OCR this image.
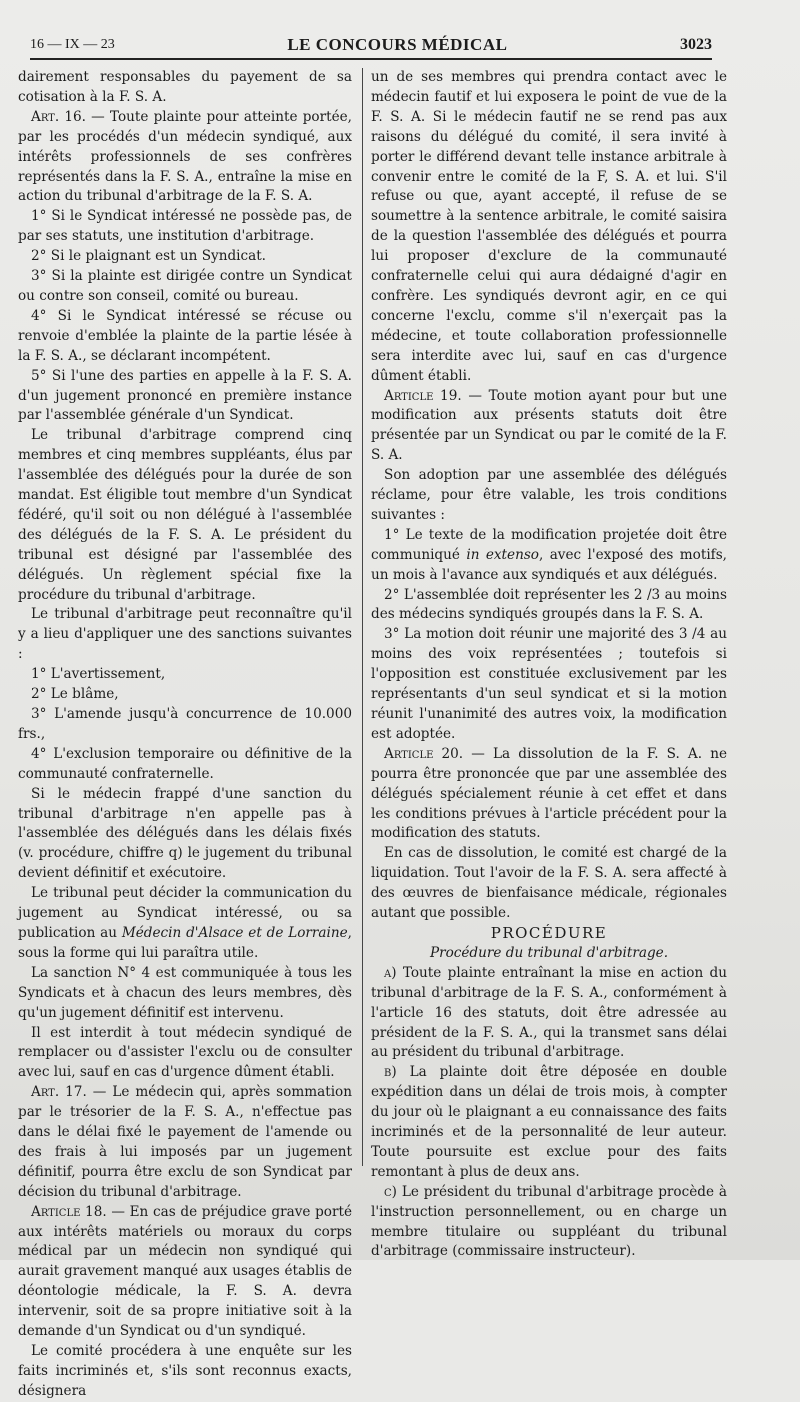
16 — IX — 23	LE CONCOURS MÉDICAL	3023

dairement responsables du payement de sa cotisation à la F. S. A.

Art. 16. — Toute plainte pour atteinte portée, par les procédés d'un médecin syndiqué, aux intérêts professionnels de ses confrères représentés dans la F. S. A., entraîne la mise en action du tribunal d'arbitrage de la F. S. A.

1° Si le Syndicat intéressé ne possède pas, de par ses statuts, une institution d'arbitrage.

2° Si le plaignant est un Syndicat.

3° Si la plainte est dirigée contre un Syndicat ou contre son conseil, comité ou bureau.

4° Si le Syndicat intéressé se récuse ou renvoie d'emblée la plainte de la partie lésée à la F. S. A., se déclarant incompétent.

5° Si l'une des parties en appelle à la F. S. A. d'un jugement prononcé en première instance par l'assemblée générale d'un Syndicat.

Le tribunal d'arbitrage comprend cinq membres et cinq membres suppléants, élus par l'assemblée des délégués pour la durée de son mandat. Est éligible tout membre d'un Syndicat fédéré, qu'il soit ou non délégué à l'assemblée des délégués de la F. S. A. Le président du tribunal est désigné par l'assemblée des délégués. Un règlement spécial fixe la procédure du tribunal d'arbitrage.

Le tribunal d'arbitrage peut reconnaître qu'il y a lieu d'appliquer une des sanctions suivantes :

1° L'avertissement,

2° Le blâme,

3° L'amende jusqu'à concurrence de 10.000 frs.,

4° L'exclusion temporaire ou définitive de la communauté confraternelle.

Si le médecin frappé d'une sanction du tribunal d'arbitrage n'en appelle pas à l'assemblée des délégués dans les délais fixés (v. procédure, chiffre q) le jugement du tribunal devient définitif et exécutoire.

Le tribunal peut décider la communication du jugement au Syndicat intéressé, ou sa publication au Médecin d'Alsace et de Lorraine, sous la forme qui lui paraîtra utile.

La sanction N° 4 est communiquée à tous les Syndicats et à chacun des leurs membres, dès qu'un jugement définitif est intervenu.

Il est interdit à tout médecin syndiqué de remplacer ou d'assister l'exclu ou de consulter avec lui, sauf en cas d'urgence dûment établi.

Art. 17. — Le médecin qui, après sommation par le trésorier de la F. S. A., n'effectue pas dans le délai fixé le payement de l'amende ou des frais à lui imposés par un jugement définitif, pourra être exclu de son Syndicat par décision du tribunal d'arbitrage.

Article 18. — En cas de préjudice grave porté aux intérêts matériels ou moraux du corps médical par un médecin non syndiqué qui aurait gravement manqué aux usages établis de déontologie médicale, la F. S. A. devra intervenir, soit de sa propre initiative soit à la demande d'un Syndicat ou d'un syndiqué.

Le comité procédera à une enquête sur les faits incriminés et, s'ils sont reconnus exacts, désignera

un de ses membres qui prendra contact avec le médecin fautif et lui exposera le point de vue de la F. S. A. Si le médecin fautif ne se rend pas aux raisons du délégué du comité, il sera invité à porter le différend devant telle instance arbitrale à convenir entre le comité de la F, S. A. et lui. S'il refuse ou que, ayant accepté, il refuse de se soumettre à la sentence arbitrale, le comité saisira de la question l'assemblée des délégués et pourra lui proposer d'exclure de la communauté confraternelle celui qui aura dédaigné d'agir en confrère. Les syndiqués devront agir, en ce qui concerne l'exclu, comme s'il n'exerçait pas la médecine, et toute collaboration professionnelle sera interdite avec lui, sauf en cas d'urgence dûment établi.

Article 19. — Toute motion ayant pour but une modification aux présents statuts doit être présentée par un Syndicat ou par le comité de la F. S. A.

Son adoption par une assemblée des délégués réclame, pour être valable, les trois conditions suivantes :

1° Le texte de la modification projetée doit être communiqué in extenso, avec l'exposé des motifs, un mois à l'avance aux syndiqués et aux délégués.

2° L'assemblée doit représenter les 2 /3 au moins des médecins syndiqués groupés dans la F. S. A.

3° La motion doit réunir une majorité des 3 /4 au moins des voix représentées ; toutefois si l'opposition est constituée exclusivement par les représentants d'un seul syndicat et si la motion réunit l'unanimité des autres voix, la modification est adoptée.

Article 20. — La dissolution de la F. S. A. ne pourra être prononcée que par une assemblée des délégués spécialement réunie à cet effet et dans les conditions prévues à l'article précédent pour la modification des statuts.

En cas de dissolution, le comité est chargé de la liquidation. Tout l'avoir de la F. S. A. sera affecté à des œuvres de bienfaisance médicale, régionales autant que possible.

PROCÉDURE

Procédure du tribunal d'arbitrage.

a) Toute plainte entraînant la mise en action du tribunal d'arbitrage de la F. S. A., conformément à l'article 16 des statuts, doit être adressée au président de la F. S. A., qui la transmet sans délai au président du tribunal d'arbitrage.

b) La plainte doit être déposée en double expédition dans un délai de trois mois, à compter du jour où le plaignant a eu connaissance des faits incriminés et de la personnalité de leur auteur. Toute poursuite est exclue pour des faits remontant à plus de deux ans.

c) Le président du tribunal d'arbitrage procède à l'instruction personnellement, ou en charge un membre titulaire ou suppléant du tribunal d'arbitrage (commissaire instructeur).
